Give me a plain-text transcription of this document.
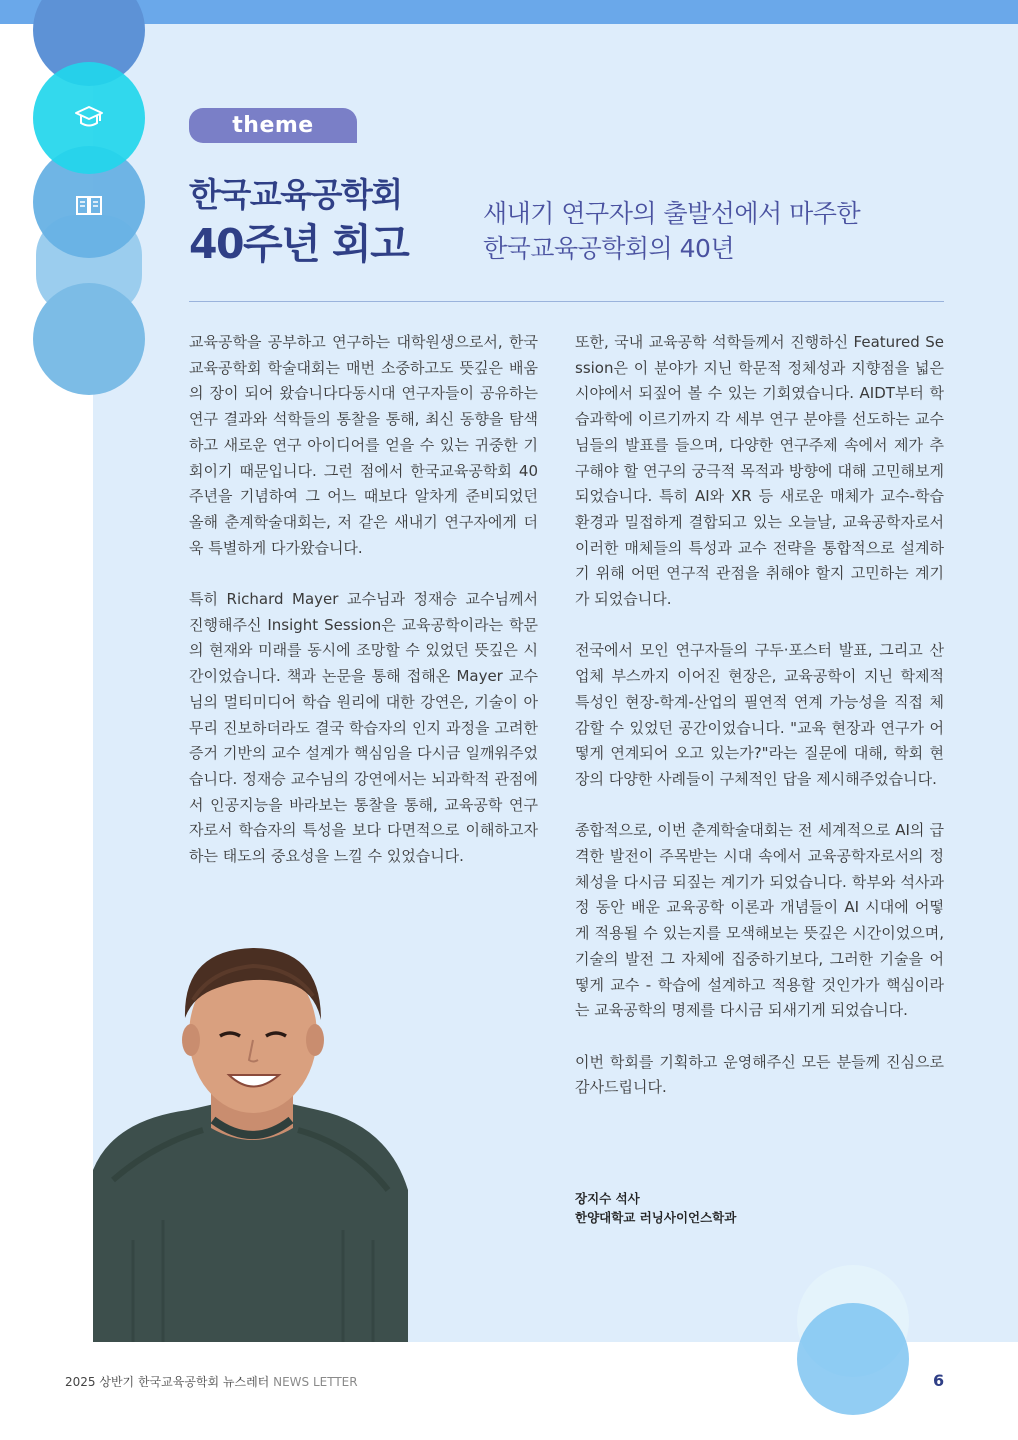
theme
한국교육공학회
40주년 회고
새내기 연구자의 출발선에서 마주한
한국교육공학회의 40년

교육공학을 공부하고 연구하는 대학원생으로서, 한국교육공학회 학술대회는 매번 소중하고도 뜻깊은 배움의 장이 되어 왔습니다다동시대 연구자들이 공유하는 연구 결과와 석학들의 통찰을 통해, 최신 동향을 탐색하고 새로운 연구 아이디어를 얻을 수 있는 귀중한 기회이기 때문입니다. 그런 점에서 한국교육공학회 40주년을 기념하여 그 어느 때보다 알차게 준비되었던 올해 춘계학술대회는, 저 같은 새내기 연구자에게 더욱 특별하게 다가왔습니다.

특히 Richard Mayer 교수님과 정재승 교수님께서 진행해주신 Insight Session은 교육공학이라는 학문의 현재와 미래를 동시에 조망할 수 있었던 뜻깊은 시간이었습니다. 책과 논문을 통해 접해온 Mayer 교수님의 멀티미디어 학습 원리에 대한 강연은, 기술이 아무리 진보하더라도 결국 학습자의 인지 과정을 고려한 증거 기반의 교수 설계가 핵심임을 다시금 일깨워주었습니다. 정재승 교수님의 강연에서는 뇌과학적 관점에서 인공지능을 바라보는 통찰을 통해, 교육공학 연구자로서 학습자의 특성을 보다 다면적으로 이해하고자 하는 태도의 중요성을 느낄 수 있었습니다.

또한, 국내 교육공학 석학들께서 진행하신 Featured Session은 이 분야가 지닌 학문적 정체성과 지향점을 넓은 시야에서 되짚어 볼 수 있는 기회였습니다. AIDT부터 학습과학에 이르기까지 각 세부 연구 분야를 선도하는 교수님들의 발표를 들으며, 다양한 연구주제 속에서 제가 추구해야 할 연구의 궁극적 목적과 방향에 대해 고민해보게 되었습니다. 특히 AI와 XR 등 새로운 매체가 교수-학습 환경과 밀접하게 결합되고 있는 오늘날, 교육공학자로서 이러한 매체들의 특성과 교수 전략을 통합적으로 설계하기 위해 어떤 연구적 관점을 취해야 할지 고민하는 계기가 되었습니다.

전국에서 모인 연구자들의 구두·포스터 발표, 그리고 산업체 부스까지 이어진 현장은, 교육공학이 지닌 학제적 특성인 현장-학계-산업의 필연적 연계 가능성을 직접 체감할 수 있었던 공간이었습니다. "교육 현장과 연구가 어떻게 연계되어 오고 있는가?"라는 질문에 대해, 학회 현장의 다양한 사례들이 구체적인 답을 제시해주었습니다.

종합적으로, 이번 춘계학술대회는 전 세계적으로 AI의 급격한 발전이 주목받는 시대 속에서 교육공학자로서의 정체성을 다시금 되짚는 계기가 되었습니다. 학부와 석사과정 동안 배운 교육공학 이론과 개념들이 AI 시대에 어떻게 적용될 수 있는지를 모색해보는 뜻깊은 시간이었으며, 기술의 발전 그 자체에 집중하기보다, 그러한 기술을 어떻게 교수 - 학습에 설계하고 적용할 것인가가 핵심이라는 교육공학의 명제를 다시금 되새기게 되었습니다.

이번 학회를 기획하고 운영해주신 모든 분들께 진심으로 감사드립니다.

장지수 석사
한양대학교 러닝사이언스학과
2025 상반기 한국교육공학회 뉴스레터 NEWS LETTER	6
